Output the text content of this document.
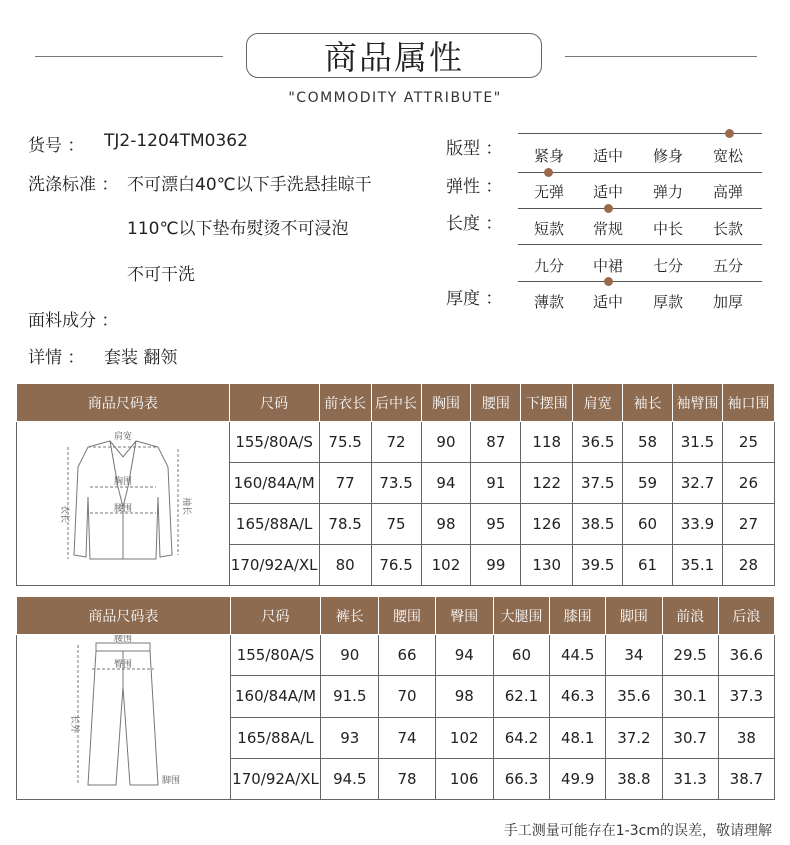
商品属性
"COMMODITY ATTRIBUTE"
货号 ： TJ2-1204TM0362
洗涤标准 ： 不可漂白40℃以下手洗悬挂晾干
110℃以下垫布熨烫不可浸泡
不可干洗
面料成分 ：
详情 ： 套装 翻领
版型 ：	紧身	适中	修身	宽松
弹性 ：	无弹	适中	弹力	高弹
长度 ：	短款	常规	中长	长款
九分	中裙	七分	五分
厚度 ：	薄款	适中	厚款	加厚
商品尺码表	尺码	前衣长	后中长	胸围	腰围	下摆围	肩宽	袖长	袖臂围	袖口围

肩宽
胸围
腰围
衣长 袖长	155/80A/S	75.5	72	90	87	118	36.5	58	31.5	25
	160/84A/M	77	73.5	94	91	122	37.5	59	32.7	26
	165/88A/L	78.5	75	98	95	126	38.5	60	33.9	27
	170/92A/XL	80	76.5	102	99	130	39.5	61	35.1	28
商品尺码表	尺码	裤长	腰围	臀围	大腿围	膝围	脚围	前浪	后浪

腰围
臀围
长外
脚围	155/80A/S	90	66	94	60	44.5	34	29.5	36.6
	160/84A/M	91.5	70	98	62.1	46.3	35.6	30.1	37.3
	165/88A/L	93	74	102	64.2	48.1	37.2	30.7	38
	170/92A/XL	94.5	78	106	66.3	49.9	38.8	31.3	38.7
手工测量可能存在1-3cm的误差，敬请理解
